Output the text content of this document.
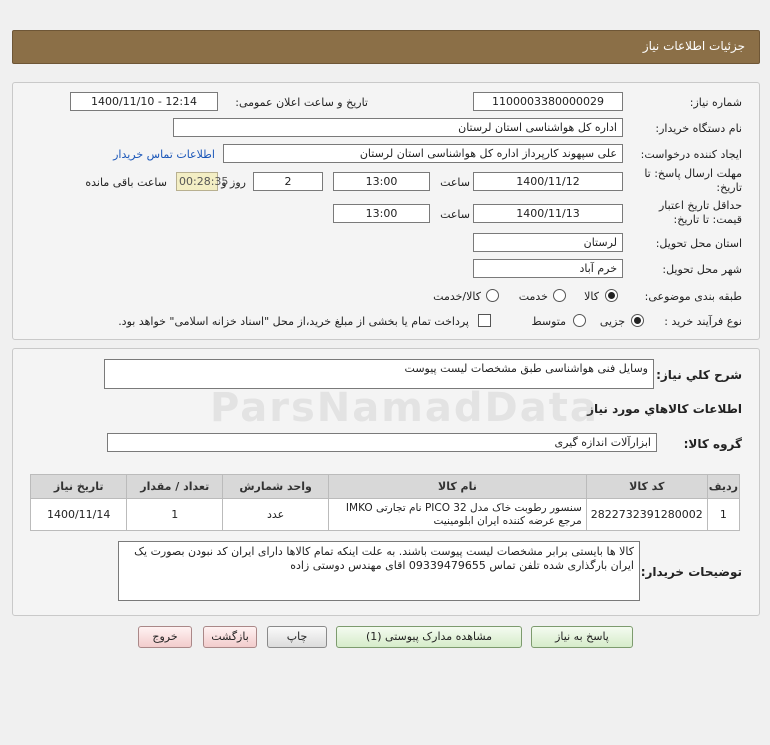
جزئیات اطلاعات نیاز
شماره نیاز:
1100003380000029
تاریخ و ساعت اعلان عمومی:
1400/11/10 - 12:14
نام دستگاه خریدار:
اداره کل هواشناسی استان لرستان
ایجاد کننده درخواست:
علی سپهوند کارپرداز اداره کل هواشناسی استان لرستان
اطلاعات تماس خریدار
مهلت ارسال پاسخ: تا تاریخ:
1400/11/12
ساعت
13:00
2
روز و
00:28:35
ساعت باقی مانده
حداقل تاریخ اعتبار قیمت: تا تاریخ:
1400/11/13
ساعت
13:00
استان محل تحویل:
لرستان
شهر محل تحویل:
خرم آباد
طبقه بندی موضوعی:
کالا
خدمت
کالا/خدمت
نوع فرآیند خرید :
جزیی
متوسط
پرداخت تمام یا بخشی از مبلغ خرید،از محل "اسناد خزانه اسلامی" خواهد بود.
شرح کلي نياز:
وسایل فنی هواشناسی طبق مشخصات لیست پیوست
اطلاعات کالاهاي مورد نياز
گروه کالا:
ابزارآلات اندازه گیری
ردیف	کد کالا	نام کالا	واحد شمارش	تعداد / مقدار	تاریخ نیاز
1	2822732391280002	سنسور رطوبت خاک مدل PICO 32 نام تجارتی IMKO مرجع عرضه کننده ایران ابلومینیت	عدد	1	1400/11/14
توضیحات خریدار:
کالا ها بایستی برابر مشخصات لیست پیوست باشند. به علت اینکه تمام کالاها دارای ایران کد نبودن بصورت یک ایران بارگذاری شده تلفن تماس 09339479655 اقای مهندس دوستی زاده
پاسخ به نیاز
مشاهده مدارک پیوستی (1)
چاپ
بازگشت
خروج
ParsNamadData
